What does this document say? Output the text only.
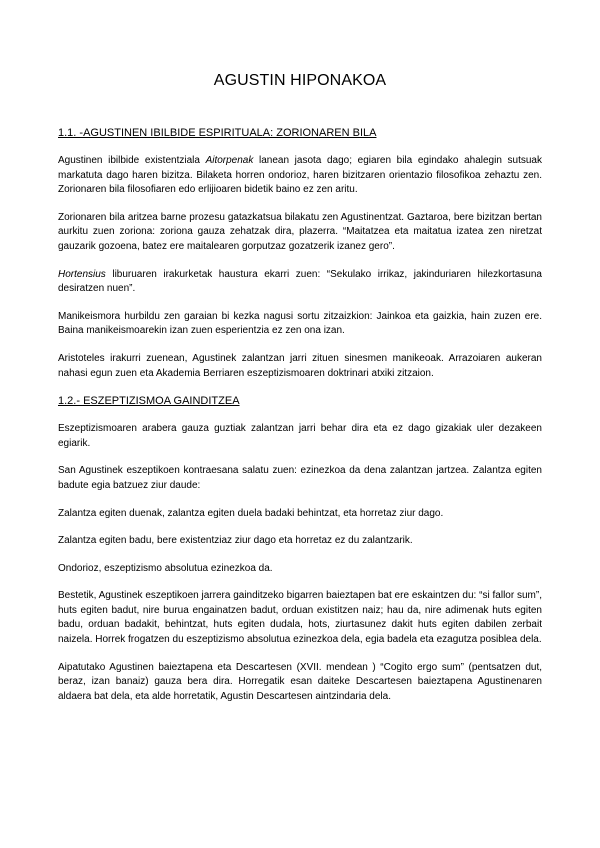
AGUSTIN HIPONAKOA
1.1. -AGUSTINEN IBILBIDE ESPIRITUALA: ZORIONAREN BILA

Agustinen ibilbide existentziala Aitorpenak lanean jasota dago; egiaren bila egindako ahalegin sutsuak markatuta dago haren bizitza. Bilaketa horren ondorioz, haren bizitzaren orientazio filosofikoa zehaztu zen. Zorionaren bila filosofiaren edo erlijioaren bidetik baino ez zen aritu.

Zorionaren bila aritzea barne prozesu gatazkatsua bilakatu zen Agustinentzat. Gaztaroa, bere bizitzan bertan aurkitu zuen zoriona: zoriona gauza zehatzak dira, plazerra. “Maitatzea eta maitatua izatea zen niretzat gauzarik gozoena, batez ere maitalearen gorputzaz gozatzerik izanez gero”.

Hortensius liburuaren irakurketak haustura ekarri zuen: “Sekulako irrikaz, jakinduriaren hilezkortasuna desiratzen nuen”.

Manikeismora hurbildu zen garaian bi kezka nagusi sortu zitzaizkion: Jainkoa eta gaizkia, hain zuzen ere. Baina manikeismoarekin izan zuen esperientzia ez zen ona izan.

Aristoteles irakurri zuenean, Agustinek zalantzan jarri zituen sinesmen manikeoak. Arrazoiaren aukeran nahasi egun zuen eta Akademia Berriaren eszeptizismoaren doktrinari atxiki zitzaion.

1.2.- ESZEPTIZISMOA GAINDITZEA

Eszeptizismoaren arabera gauza guztiak zalantzan jarri behar dira eta ez dago gizakiak uler dezakeen egiarik.

San Agustinek eszeptikoen kontraesana salatu zuen: ezinezkoa da dena zalantzan jartzea. Zalantza egiten badute egia batzuez ziur daude:

Zalantza egiten duenak, zalantza egiten duela badaki behintzat, eta horretaz ziur dago.

Zalantza egiten badu, bere existentziaz ziur dago eta horretaz ez du zalantzarik.

Ondorioz, eszeptizismo absolutua ezinezkoa da.

Bestetik, Agustinek eszeptikoen jarrera gainditzeko bigarren baieztapen bat ere eskaintzen du: “si fallor sum”, huts egiten badut, nire burua engainatzen badut, orduan existitzen naiz; hau da, nire adimenak huts egiten badu, orduan badakit, behintzat, huts egiten dudala, hots, ziurtasunez dakit huts egiten dabilen zerbait naizela. Horrek frogatzen du eszeptizismo absolutua ezinezkoa dela, egia badela eta ezagutza posiblea dela.

Aipatutako Agustinen baieztapena eta Descartesen (XVII. mendean ) “Cogito ergo sum” (pentsatzen dut, beraz, izan banaiz) gauza bera dira. Horregatik esan daiteke Descartesen baieztapena Agustinenaren aldaera bat dela, eta alde horretatik, Agustin Descartesen aintzindaria dela.
